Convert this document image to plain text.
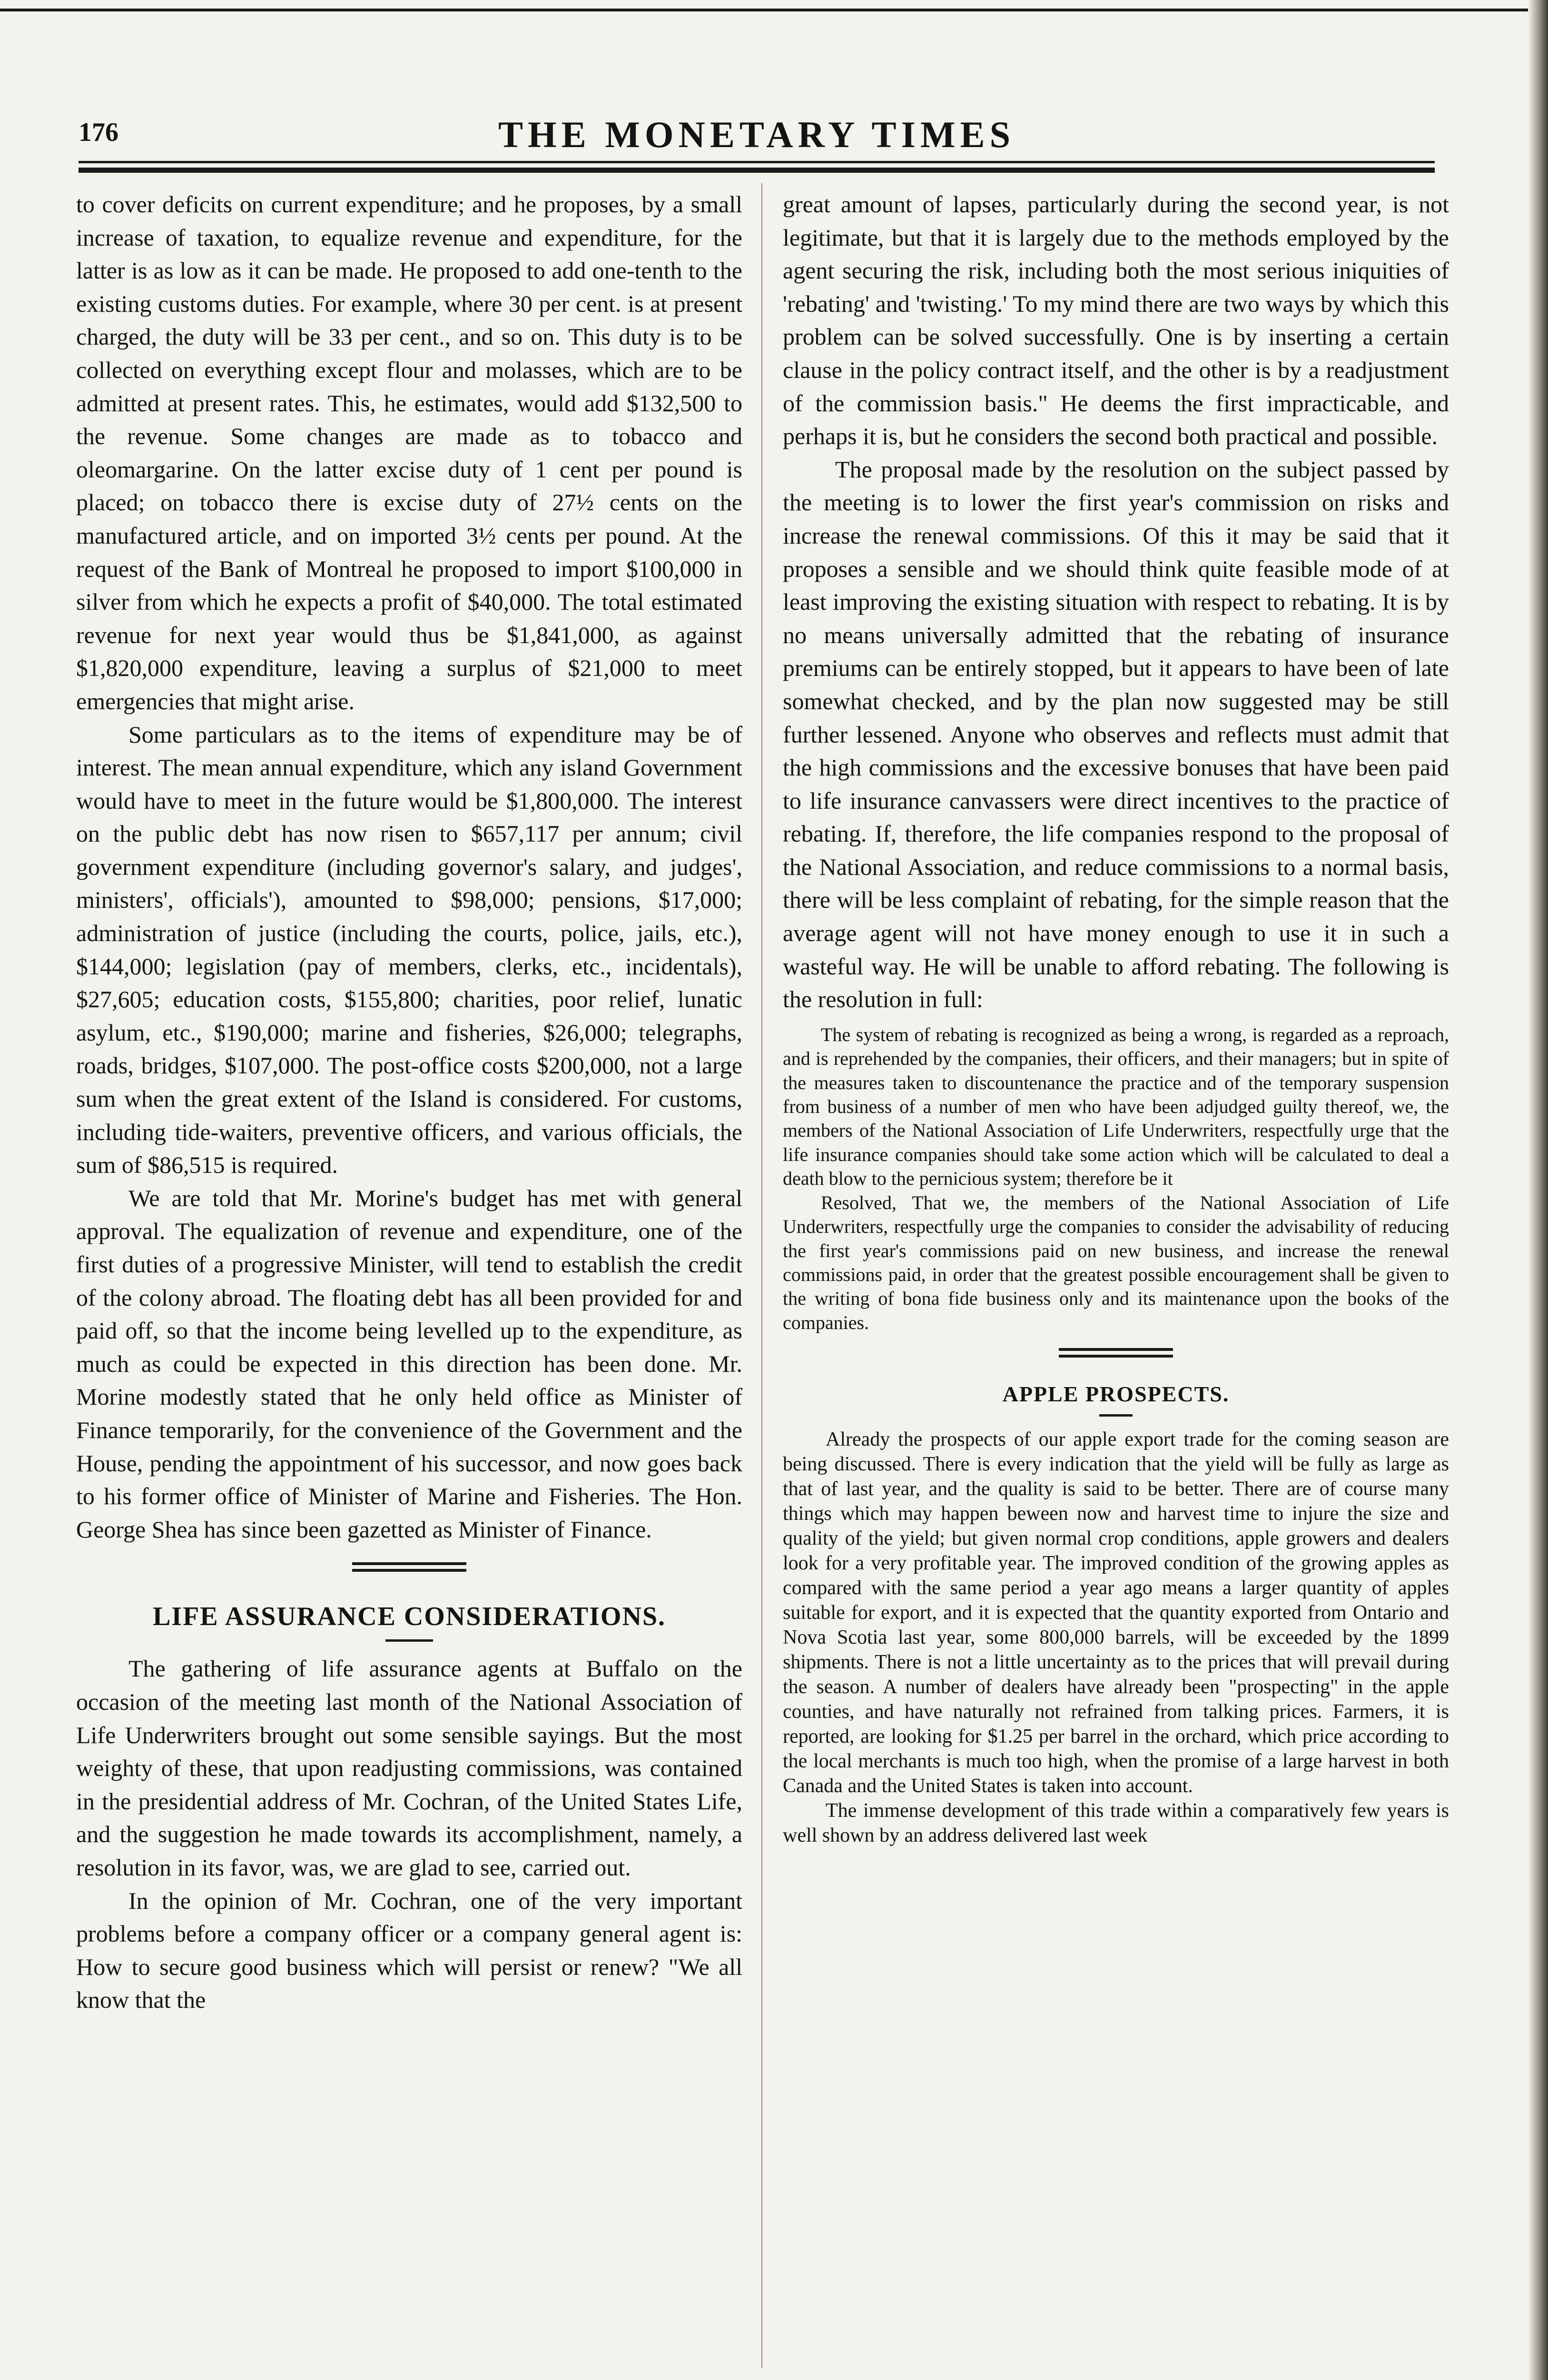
176	THE MONETARY TIMES

to cover deficits on current expenditure; and he proposes, by a small increase of taxation, to equalize revenue and expenditure, for the latter is as low as it can be made. He proposed to add one-tenth to the existing customs duties. For example, where 30 per cent. is at present charged, the duty will be 33 per cent., and so on. This duty is to be collected on everything except flour and molasses, which are to be admitted at present rates. This, he estimates, would add $132,500 to the revenue. Some changes are made as to tobacco and oleomargarine. On the latter excise duty of 1 cent per pound is placed; on tobacco there is excise duty of 27½ cents on the manufactured article, and on imported 3½ cents per pound. At the request of the Bank of Montreal he proposed to import $100,000 in silver from which he expects a profit of $40,000. The total estimated revenue for next year would thus be $1,841,000, as against $1,820,000 expenditure, leaving a surplus of $21,000 to meet emergencies that might arise.

Some particulars as to the items of expenditure may be of interest. The mean annual expenditure, which any island Government would have to meet in the future would be $1,800,000. The interest on the public debt has now risen to $657,117 per annum; civil government expenditure (including governor's salary, and judges', ministers', officials'), amounted to $98,000; pensions, $17,000; administration of justice (including the courts, police, jails, etc.), $144,000; legislation (pay of members, clerks, etc., incidentals), $27,605; education costs, $155,800; charities, poor relief, lunatic asylum, etc., $190,000; marine and fisheries, $26,000; telegraphs, roads, bridges, $107,000. The post-office costs $200,000, not a large sum when the great extent of the Island is considered. For customs, including tide-waiters, preventive officers, and various officials, the sum of $86,515 is required.

We are told that Mr. Morine's budget has met with general approval. The equalization of revenue and expenditure, one of the first duties of a progressive Minister, will tend to establish the credit of the colony abroad. The floating debt has all been provided for and paid off, so that the income being levelled up to the expenditure, as much as could be expected in this direction has been done. Mr. Morine modestly stated that he only held office as Minister of Finance temporarily, for the convenience of the Government and the House, pending the appointment of his successor, and now goes back to his former office of Minister of Marine and Fisheries. The Hon. George Shea has since been gazetted as Minister of Finance.

LIFE ASSURANCE CONSIDERATIONS.

The gathering of life assurance agents at Buffalo on the occasion of the meeting last month of the National Association of Life Underwriters brought out some sensible sayings. But the most weighty of these, that upon readjusting commissions, was contained in the presidential address of Mr. Cochran, of the United States Life, and the suggestion he made towards its accomplishment, namely, a resolution in its favor, was, we are glad to see, carried out.

In the opinion of Mr. Cochran, one of the very important problems before a company officer or a company general agent is: How to secure good business which will persist or renew? "We all know that the

great amount of lapses, particularly during the second year, is not legitimate, but that it is largely due to the methods employed by the agent securing the risk, including both the most serious iniquities of 'rebating' and 'twisting.' To my mind there are two ways by which this problem can be solved successfully. One is by inserting a certain clause in the policy contract itself, and the other is by a readjustment of the commission basis." He deems the first impracticable, and perhaps it is, but he considers the second both practical and possible.

The proposal made by the resolution on the subject passed by the meeting is to lower the first year's commission on risks and increase the renewal commissions. Of this it may be said that it proposes a sensible and we should think quite feasible mode of at least improving the existing situation with respect to rebating. It is by no means universally admitted that the rebating of insurance premiums can be entirely stopped, but it appears to have been of late somewhat checked, and by the plan now suggested may be still further lessened. Anyone who observes and reflects must admit that the high commissions and the excessive bonuses that have been paid to life insurance canvassers were direct incentives to the practice of rebating. If, therefore, the life companies respond to the proposal of the National Association, and reduce commissions to a normal basis, there will be less complaint of rebating, for the simple reason that the average agent will not have money enough to use it in such a wasteful way. He will be unable to afford rebating. The following is the resolution in full:

The system of rebating is recognized as being a wrong, is regarded as a reproach, and is reprehended by the companies, their officers, and their managers; but in spite of the measures taken to discountenance the practice and of the temporary suspension from business of a number of men who have been adjudged guilty thereof, we, the members of the National Association of Life Underwriters, respectfully urge that the life insurance companies should take some action which will be calculated to deal a death blow to the pernicious system; therefore be it

Resolved, That we, the members of the National Association of Life Underwriters, respectfully urge the companies to consider the advisability of reducing the first year's commissions paid on new business, and increase the renewal commissions paid, in order that the greatest possible encouragement shall be given to the writing of bona fide business only and its maintenance upon the books of the companies.

APPLE PROSPECTS.

Already the prospects of our apple export trade for the coming season are being discussed. There is every indication that the yield will be fully as large as that of last year, and the quality is said to be better. There are of course many things which may happen beween now and harvest time to injure the size and quality of the yield; but given normal crop conditions, apple growers and dealers look for a very profitable year. The improved condition of the growing apples as compared with the same period a year ago means a larger quantity of apples suitable for export, and it is expected that the quantity exported from Ontario and Nova Scotia last year, some 800,000 barrels, will be exceeded by the 1899 shipments. There is not a little uncertainty as to the prices that will prevail during the season. A number of dealers have already been "prospecting" in the apple counties, and have naturally not refrained from talking prices. Farmers, it is reported, are looking for $1.25 per barrel in the orchard, which price according to the local merchants is much too high, when the promise of a large harvest in both Canada and the United States is taken into account.

The immense development of this trade within a comparatively few years is well shown by an address delivered last week
